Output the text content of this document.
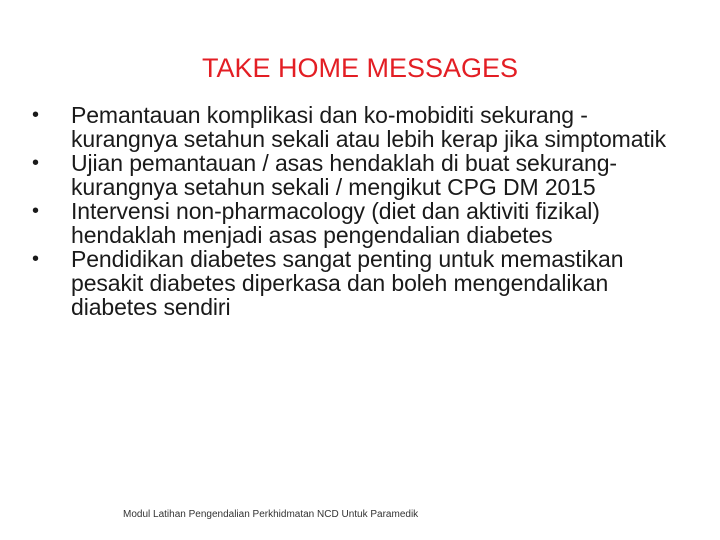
TAKE HOME MESSAGES
•	Pemantauan komplikasi dan ko-mobiditi sekurang -kurangnya setahun sekali atau lebih kerap jika simptomatik
•	Ujian pemantauan / asas hendaklah di buat sekurang-kurangnya setahun sekali / mengikut CPG DM 2015
•	Intervensi non-pharmacology (diet dan aktiviti fizikal) hendaklah menjadi asas pengendalian diabetes
•	Pendidikan diabetes sangat penting untuk memastikan pesakit diabetes diperkasa dan boleh mengendalikan diabetes sendiri
Modul Latihan Pengendalian Perkhidmatan NCD Untuk Paramedik
